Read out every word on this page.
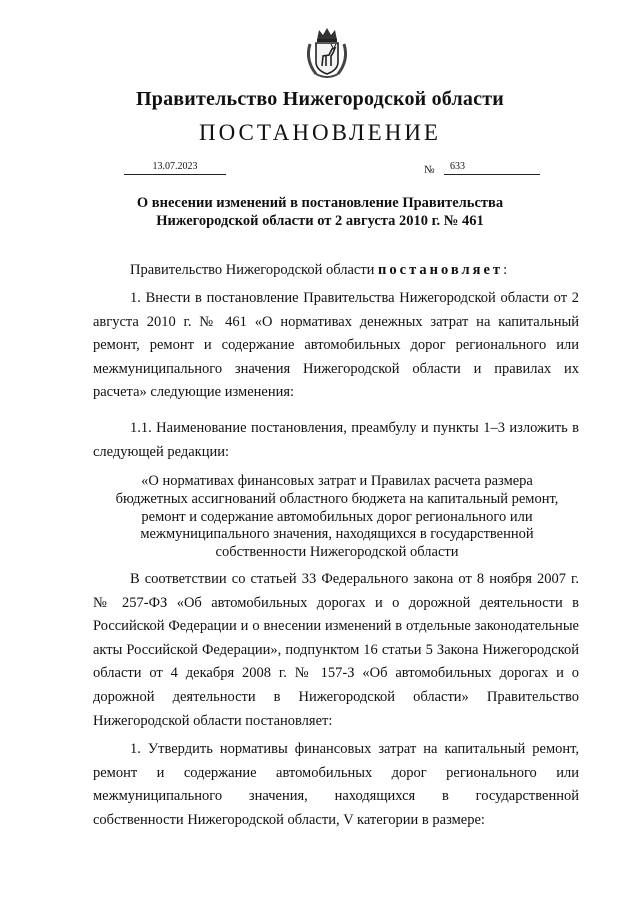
Правительство Нижегородской области
ПОСТАНОВЛЕНИЕ
13.07.2023	№	633
О внесении изменений в постановление Правительства
Нижегородской области от 2 августа 2010 г. № 461
Правительство Нижегородской области постановляет:
1. Внести в постановление Правительства Нижегородской области от 2 августа 2010 г. № 461 «О нормативах денежных затрат на капитальный ремонт, ремонт и содержание автомобильных дорог регионального или межмуниципального значения Нижегородской области и правилах их расчета» следующие изменения:
1.1. Наименование постановления, преамбулу и пункты 1–3 изложить в следующей редакции:
«О нормативах финансовых затрат и Правилах расчета размера
бюджетных ассигнований областного бюджета на капитальный ремонт,
ремонт и содержание автомобильных дорог регионального или
межмуниципального значения, находящихся в государственной
собственности Нижегородской области
В соответствии со статьей 33 Федерального закона от 8 ноября 2007 г. № 257-ФЗ «Об автомобильных дорогах и о дорожной деятельности в Российской Федерации и о внесении изменений в отдельные законодательные акты Российской Федерации», подпунктом 16 статьи 5 Закона Нижегородской области от 4 декабря 2008 г. № 157-З «Об автомобильных дорогах и о дорожной деятельности в Нижегородской области» Правительство Нижегородской области постановляет:
1. Утвердить нормативы финансовых затрат на капитальный ремонт, ремонт и содержание автомобильных дорог регионального или межмуниципального значения, находящихся в государственной собственности Нижегородской области, V категории в размере:
